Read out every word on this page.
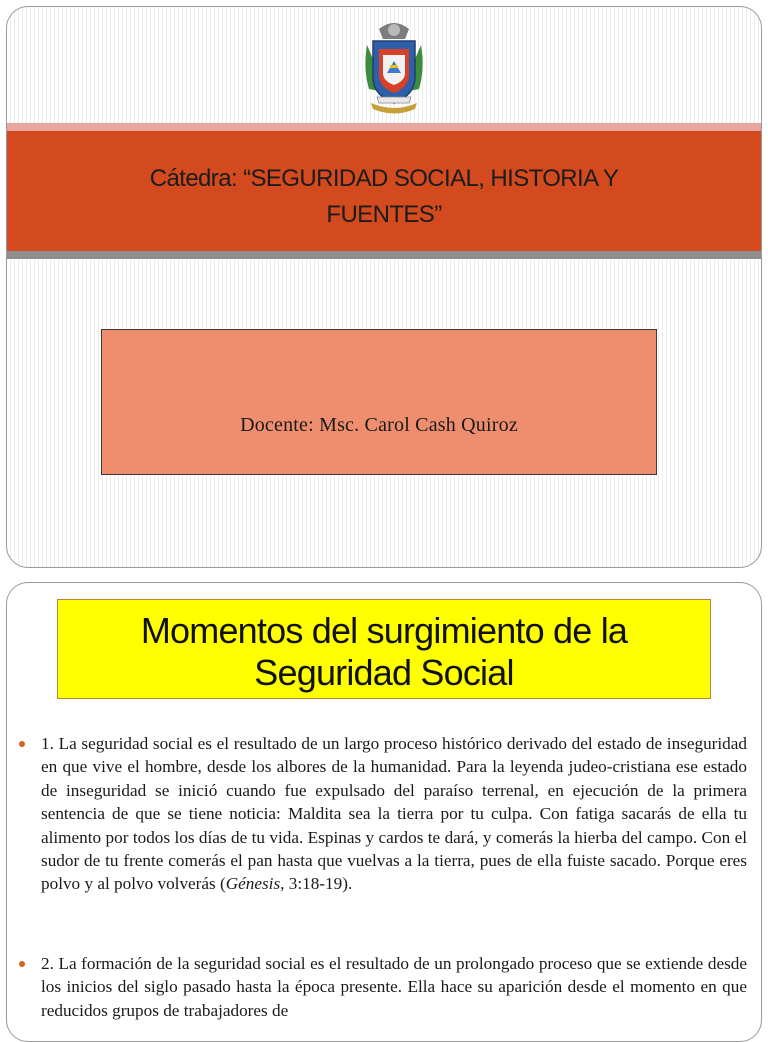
Cátedra: “SEGURIDAD SOCIAL, HISTORIA Y
FUENTES”
Docente: Msc. Carol Cash Quiroz
Momentos del surgimiento de la
Seguridad Social

1. La seguridad social es el resultado de un largo proceso histórico derivado del estado de inseguridad en que vive el hombre, desde los albores de la humanidad. Para la leyenda judeo-cristiana ese estado de inseguridad se inició cuando fue expulsado del paraíso terrenal, en ejecución de la primera sentencia de que se tiene noticia: Maldita sea la tierra por tu culpa. Con fatiga sacarás de ella tu alimento por todos los días de tu vida. Espinas y cardos te dará, y comerás la hierba del campo. Con el sudor de tu frente comerás el pan hasta que vuelvas a la tierra, pues de ella fuiste sacado. Porque eres polvo y al polvo volverás (Génesis, 3:18-19).

2. La formación de la seguridad social es el resultado de un prolongado proceso que se extiende desde los inicios del siglo pasado hasta la época presente. Ella hace su aparición desde el momento en que reducidos grupos de trabajadores de
